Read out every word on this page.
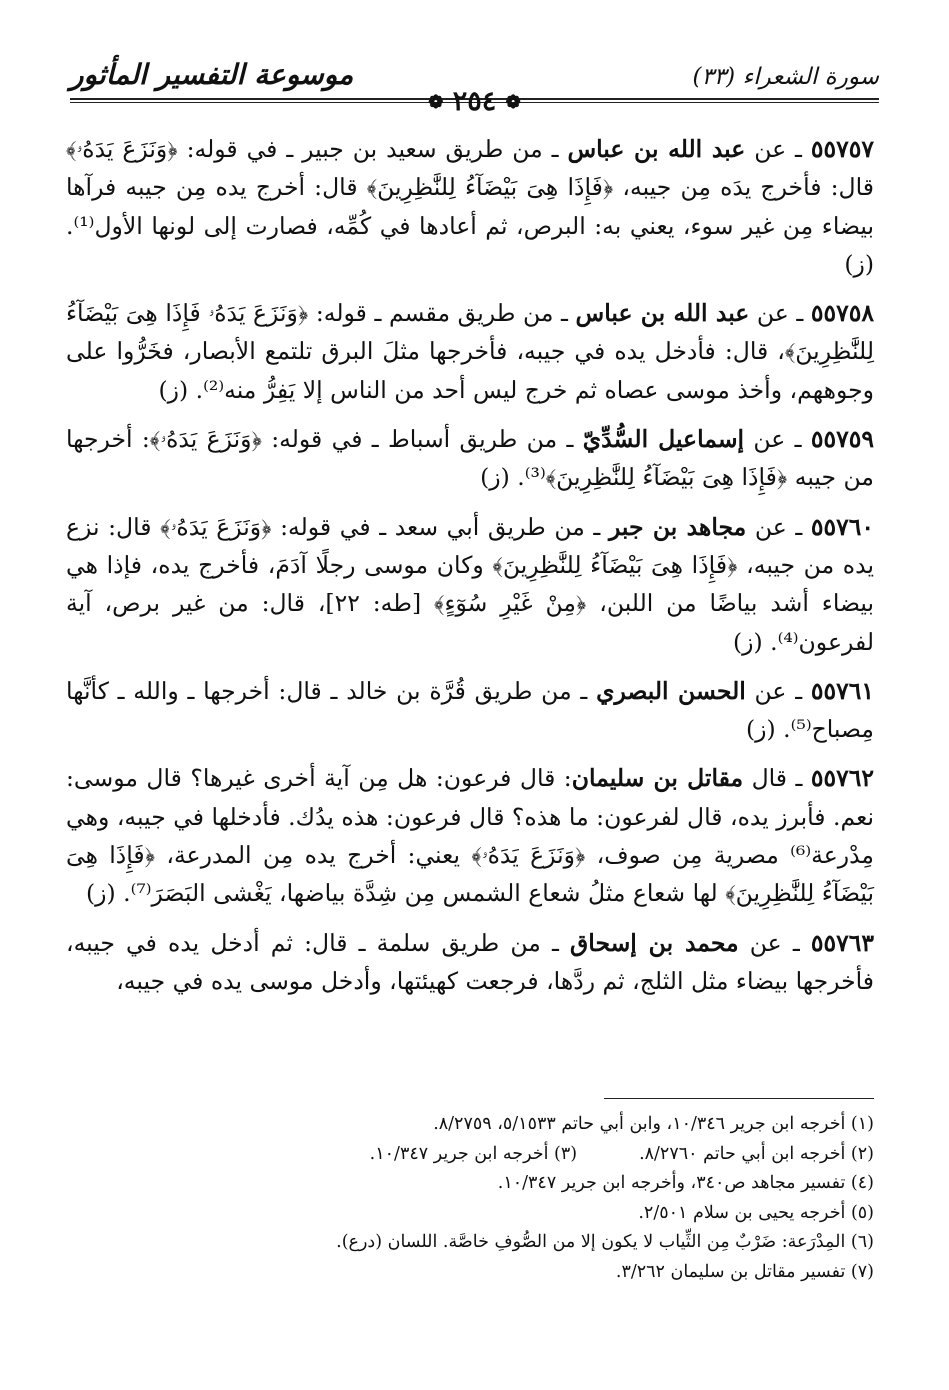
سورة الشعراء (٣٣)
موسوعة التفسير المأثور
❁ ٢٥٤ ❁

٥٥٧٥٧ ـ عن عبد الله بن عباس ـ من طريق سعيد بن جبير ـ في قوله: ﴿وَنَزَعَ يَدَهُۥ﴾ قال: فأخرج يدَه مِن جيبه، ﴿فَإِذَا هِىَ بَيْضَآءُ لِلنَّٰظِرِينَ﴾ قال: أخرج يده مِن جيبه فرآها بيضاء مِن غير سوء، يعني به: البرص، ثم أعادها في كُمِّه، فصارت إلى لونها الأول⁽¹⁾. (ز)

٥٥٧٥٨ ـ عن عبد الله بن عباس ـ من طريق مقسم ـ قوله: ﴿وَنَزَعَ يَدَهُۥ فَإِذَا هِىَ بَيْضَآءُ لِلنَّٰظِرِينَ﴾، قال: فأدخل يده في جيبه، فأخرجها مثلَ البرق تلتمع الأبصار، فخَرُّوا على وجوههم، وأخذ موسى عصاه ثم خرج ليس أحد من الناس إلا يَفِرُّ منه⁽²⁾. (ز)

٥٥٧٥٩ ـ عن إسماعيل السُّدِّيّ ـ من طريق أسباط ـ في قوله: ﴿وَنَزَعَ يَدَهُۥ﴾: أخرجها من جيبه ﴿فَإِذَا هِىَ بَيْضَآءُ لِلنَّٰظِرِينَ﴾⁽³⁾. (ز)

٥٥٧٦٠ ـ عن مجاهد بن جبر ـ من طريق أبي سعد ـ في قوله: ﴿وَنَزَعَ يَدَهُۥ﴾ قال: نزع يده من جيبه، ﴿فَإِذَا هِىَ بَيْضَآءُ لِلنَّٰظِرِينَ﴾ وكان موسى رجلًا آدَمَ، فأخرج يده، فإذا هي بيضاء أشد بياضًا من اللبن، ﴿مِنْ غَيْرِ سُوٓءٍ﴾ [طه: ٢٢]، قال: من غير برص، آية لفرعون⁽⁴⁾. (ز)

٥٥٧٦١ ـ عن الحسن البصري ـ من طريق قُرَّة بن خالد ـ قال: أخرجها ـ والله ـ كأنَّها مِصباح⁽⁵⁾. (ز)

٥٥٧٦٢ ـ قال مقاتل بن سليمان: قال فرعون: هل مِن آية أخرى غيرها؟ قال موسى: نعم. فأبرز يده، قال لفرعون: ما هذه؟ قال فرعون: هذه يدُك. فأدخلها في جيبه، وهي مِدْرعة⁽⁶⁾ مصرية مِن صوف، ﴿وَنَزَعَ يَدَهُۥ﴾ يعني: أخرج يده مِن المدرعة، ﴿فَإِذَا هِىَ بَيْضَآءُ لِلنَّٰظِرِينَ﴾ لها شعاع مثلُ شعاع الشمس مِن شِدَّة بياضها، يَغْشى البَصَرَ⁽⁷⁾. (ز)

٥٥٧٦٣ ـ عن محمد بن إسحاق ـ من طريق سلمة ـ قال: ثم أدخل يده في جيبه، فأخرجها بيضاء مثل الثلج، ثم ردَّها، فرجعت كهيئتها، وأدخل موسى يده في جيبه،

(١) أخرجه ابن جرير ١٠/٣٤٦، وابن أبي حاتم ٥/١٥٣٣، ٨/٢٧٥٩.
(٢) أخرجه ابن أبي حاتم ٨/٢٧٦٠.
(٣) أخرجه ابن جرير ١٠/٣٤٧.
(٤) تفسير مجاهد ص٣٤٠، وأخرجه ابن جرير ١٠/٣٤٧.
(٥) أخرجه يحيى بن سلام ٢/٥٠١.
(٦) المِدْرَعة: ضَرْبٌ مِن الثِّياب لا يكون إلا من الصُّوفِ خاصَّة. اللسان (درع).
(٧) تفسير مقاتل بن سليمان ٣/٢٦٢.
